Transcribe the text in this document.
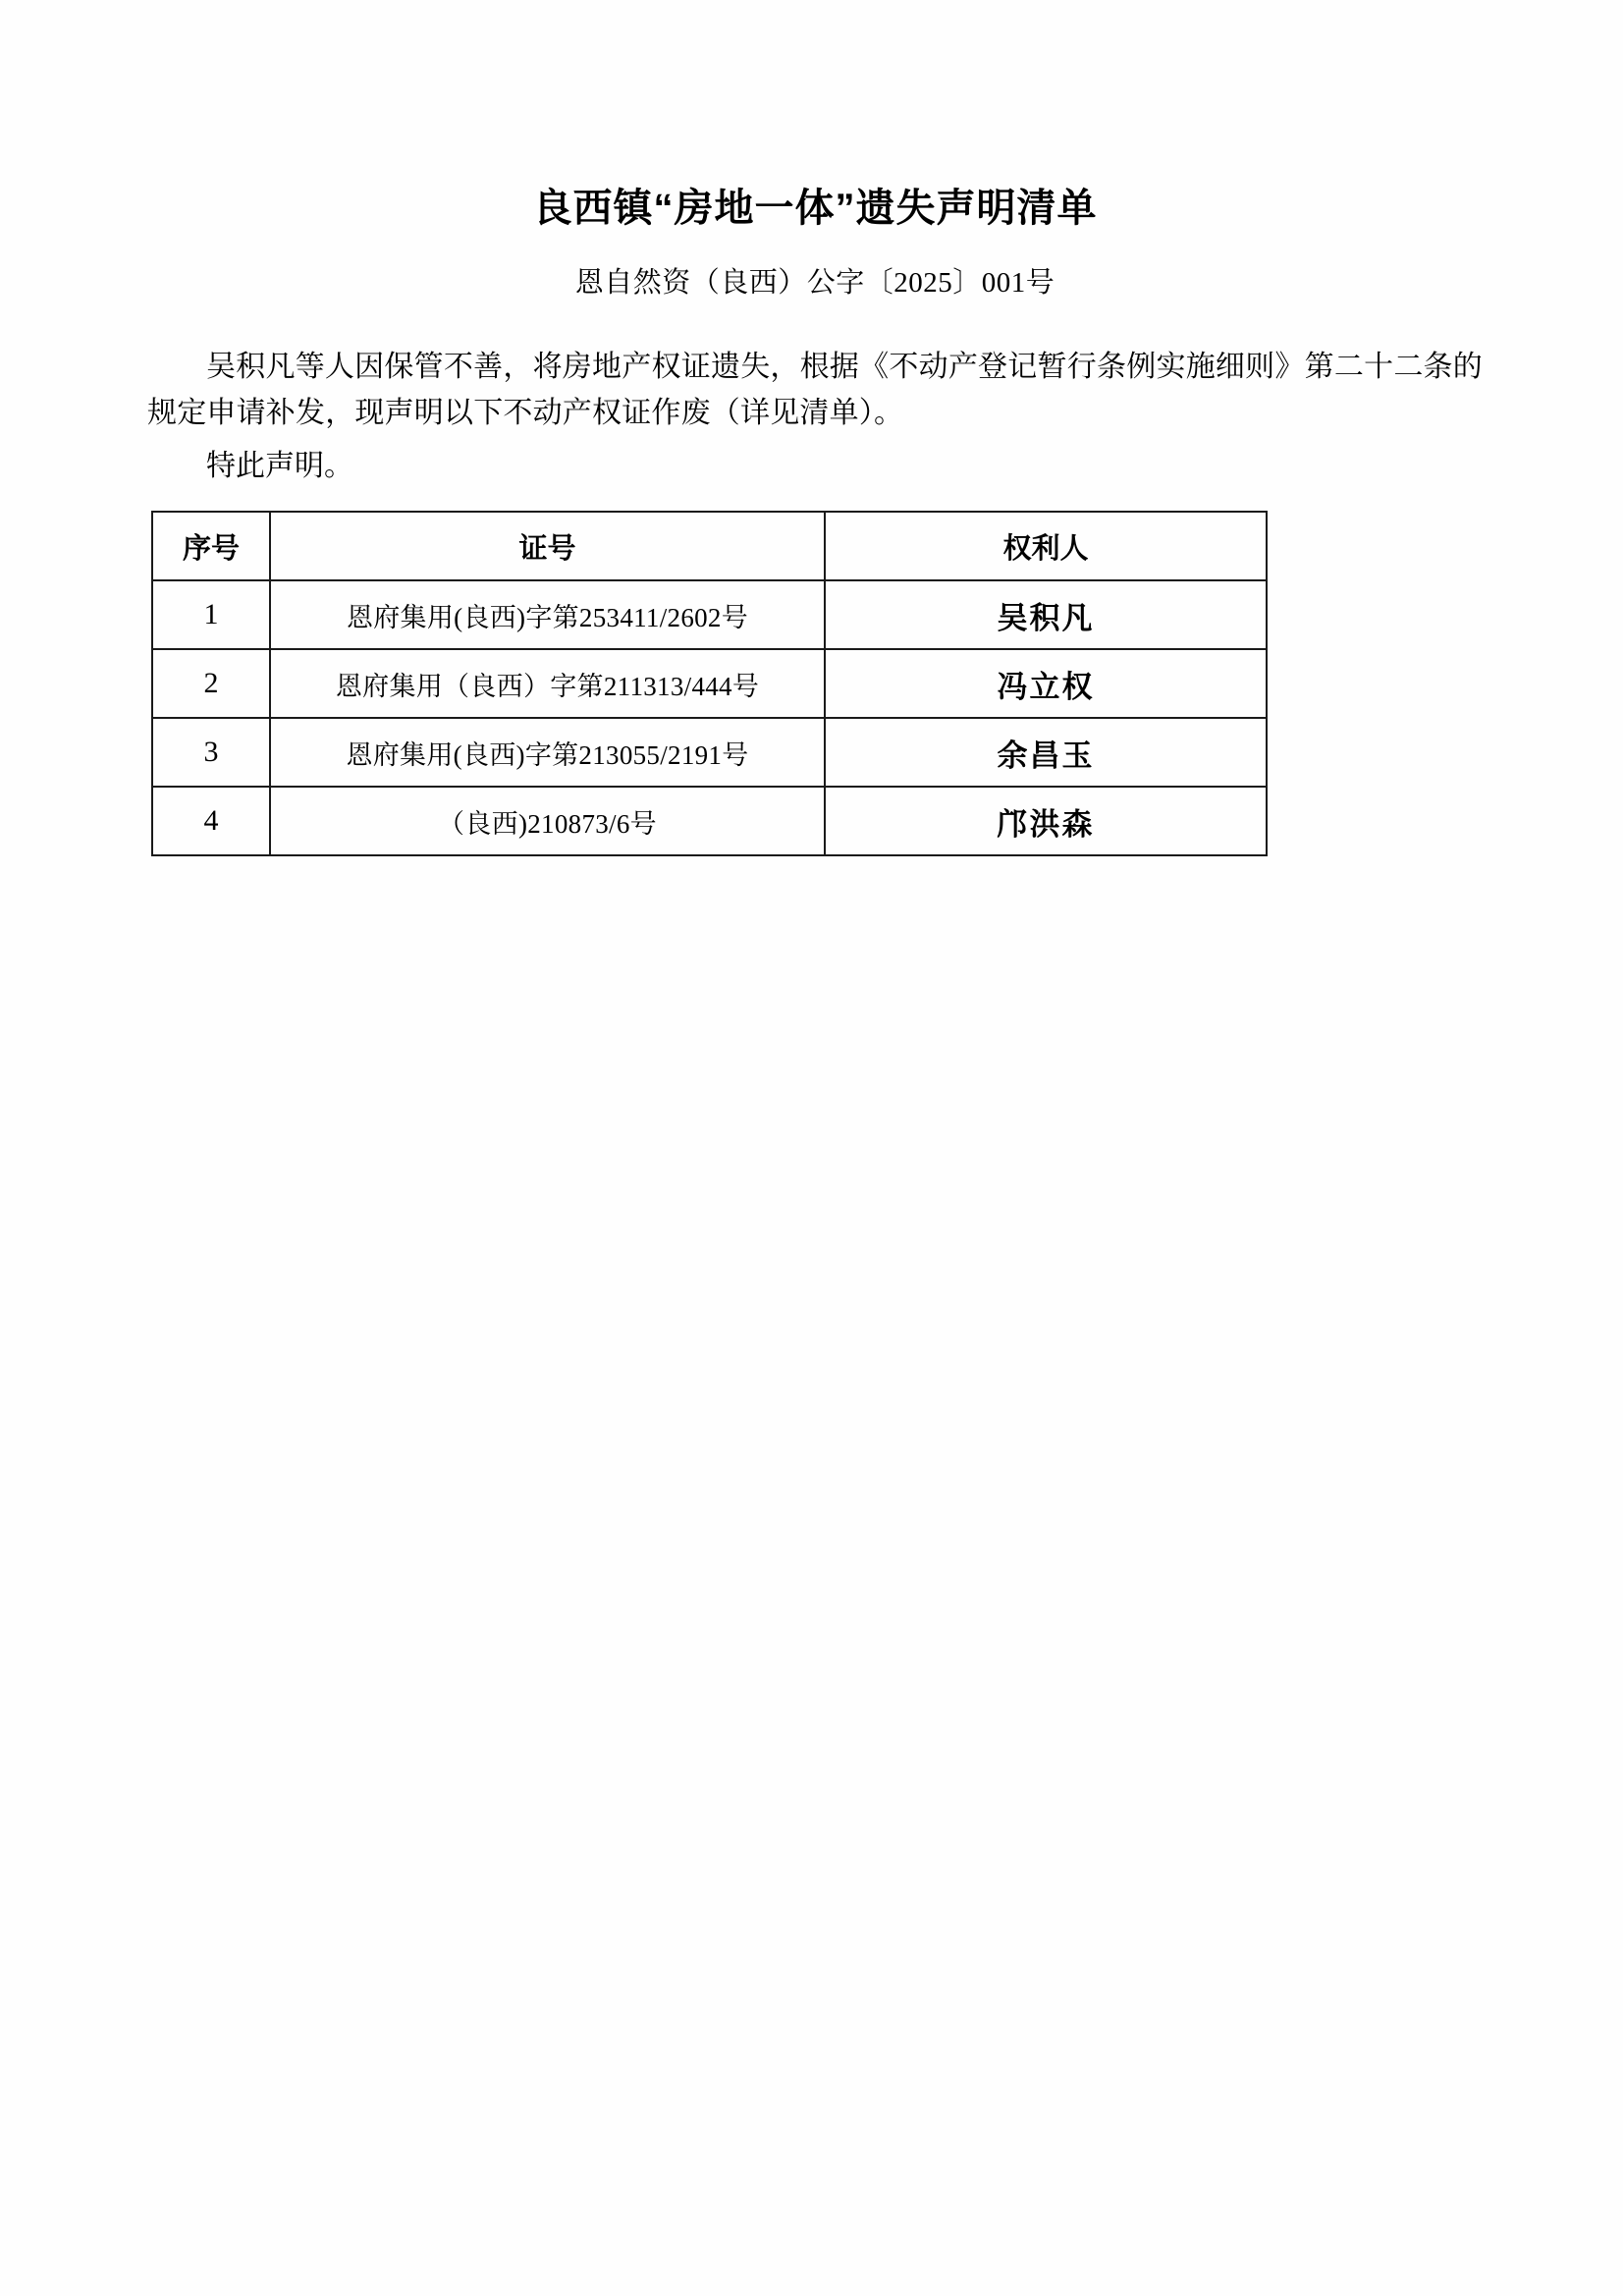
良西镇“房地一体”遗失声明清单
恩自然资（良西）公字〔2025〕001号

吴积凡等人因保管不善，将房地产权证遗失，根据《不动产登记暂行条例实施细则》第二十二条的规定申请补发，现声明以下不动产权证作废（详见清单）。

特此声明。

序号	证号	权利人
1	恩府集用(良西)字第253411/2602号	吴积凡
2	恩府集用（良西）字第211313/444号	冯立权
3	恩府集用(良西)字第213055/2191号	余昌玉
4	（良西)210873/6号	邝洪森
